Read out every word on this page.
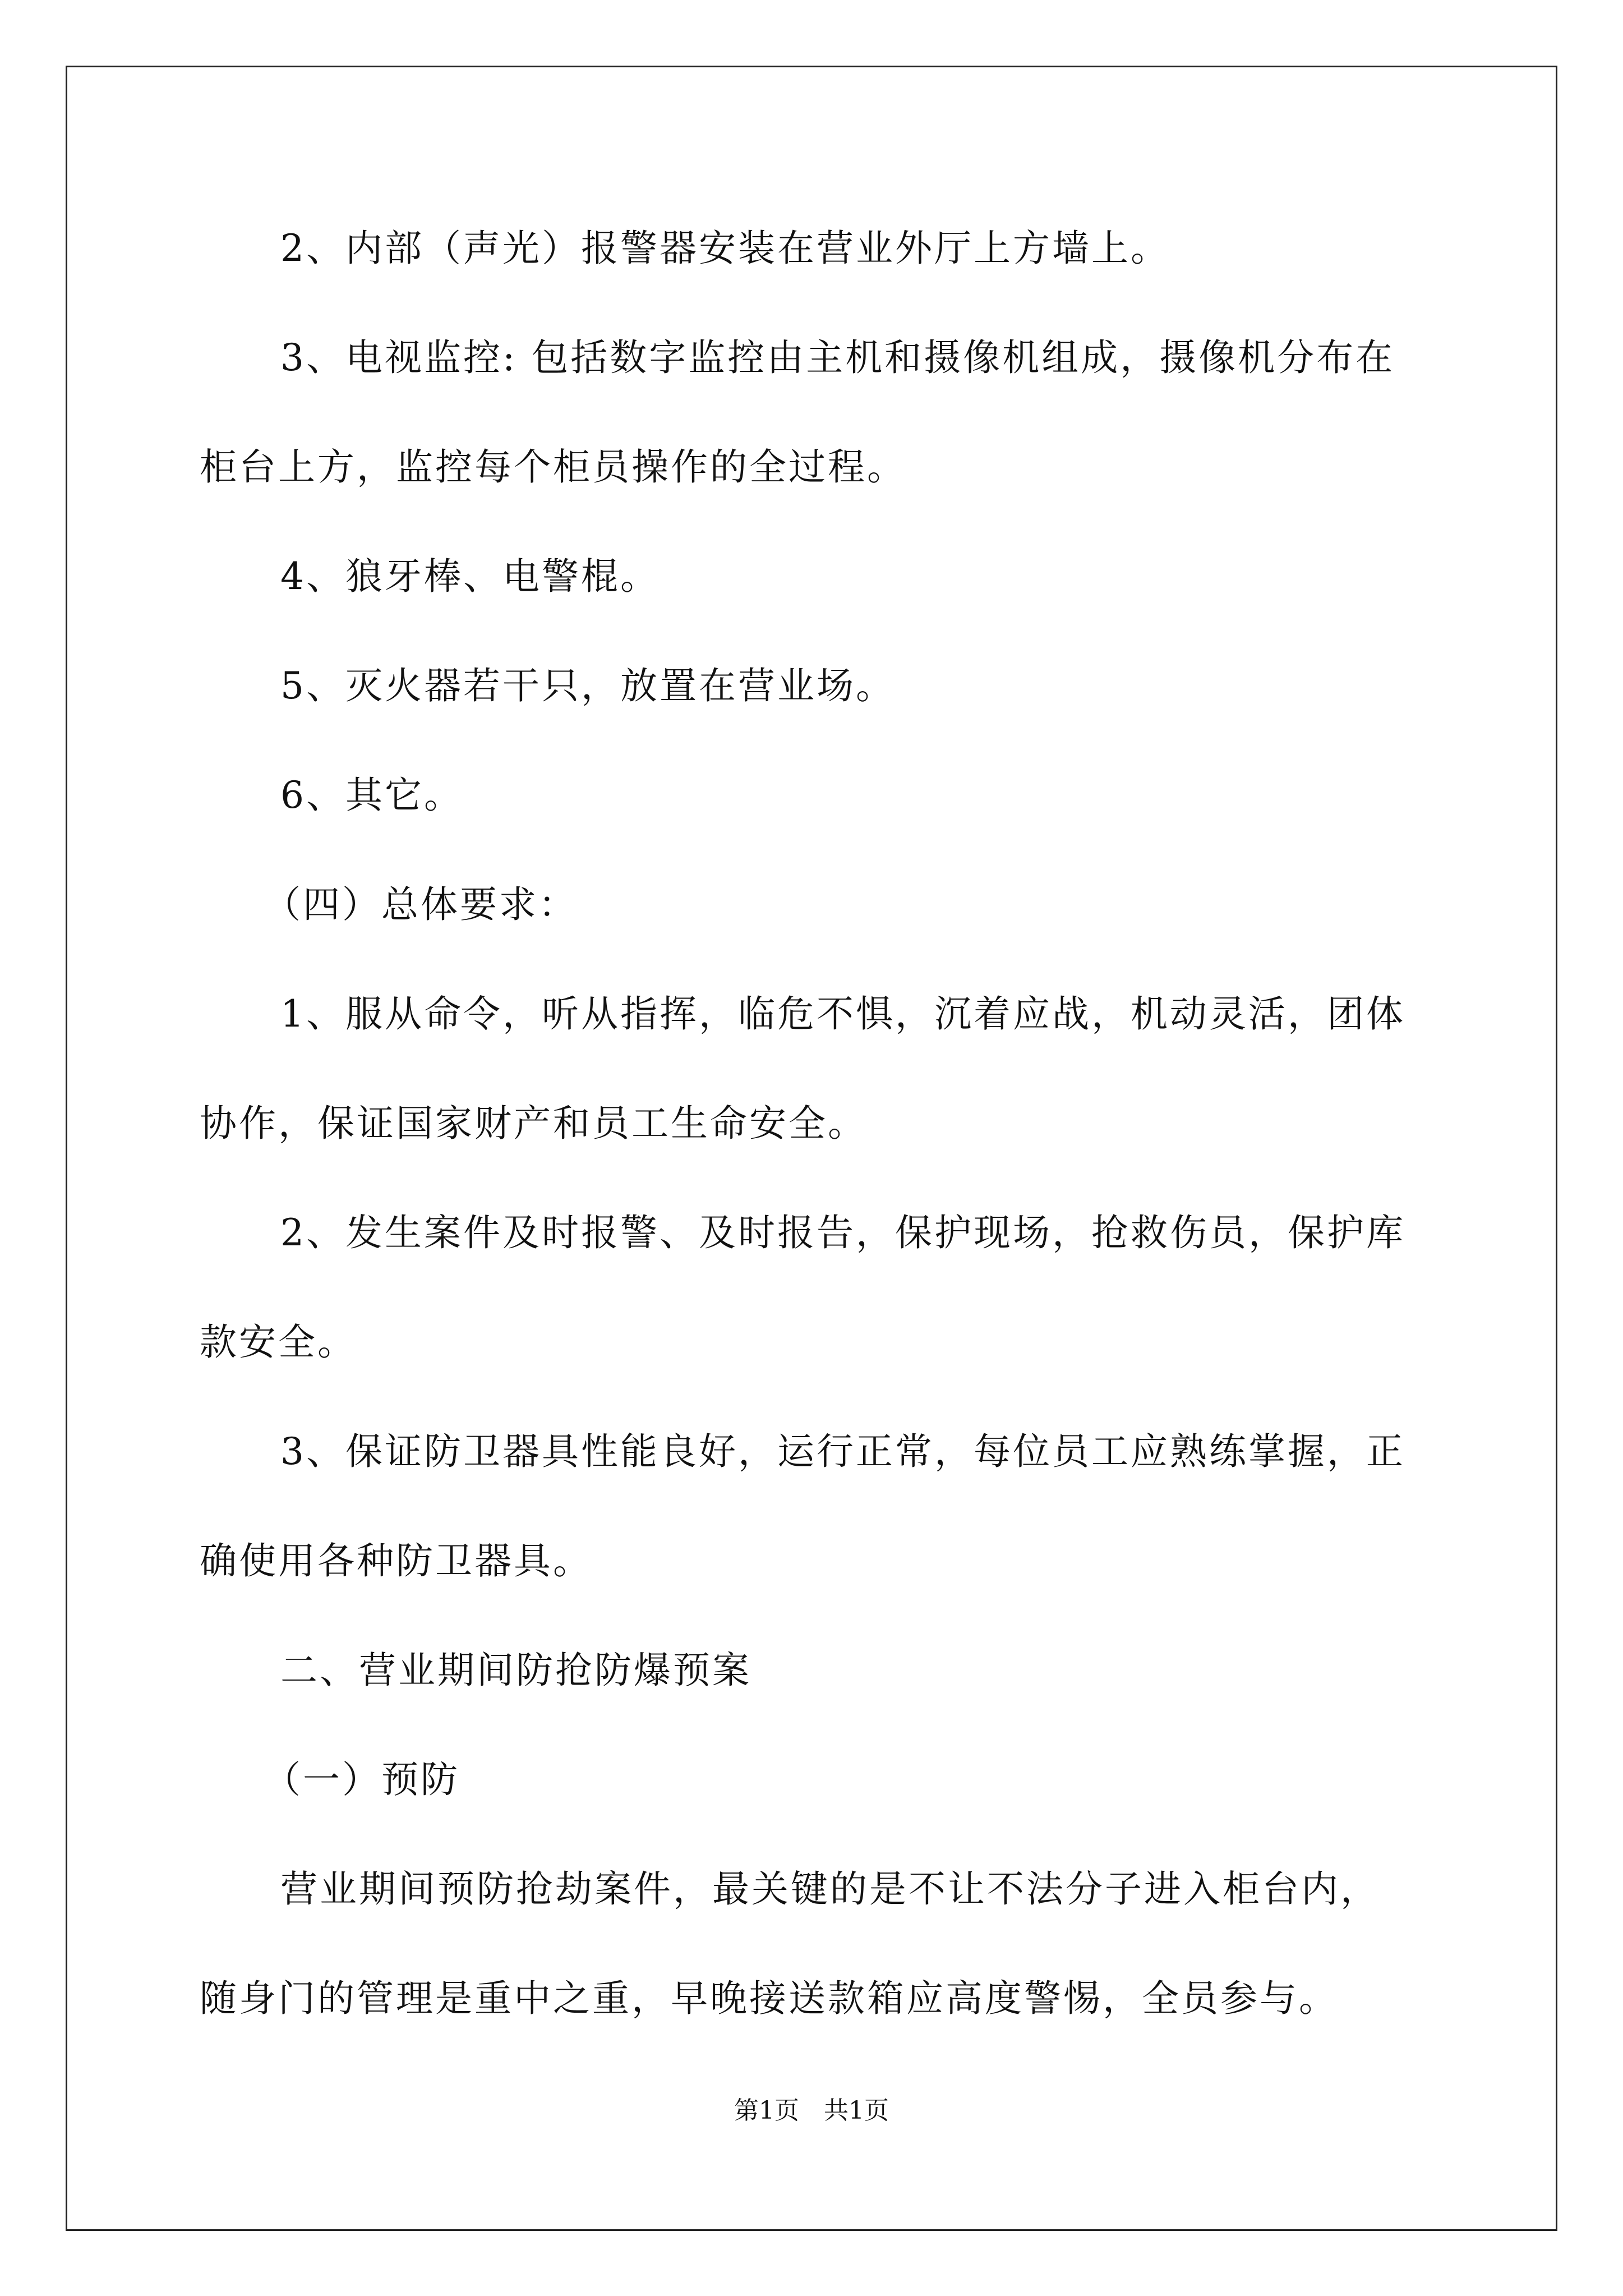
2、内部（声光）报警器安装在营业外厅上方墙上。
3、电视监控: 包括数字监控由主机和摄像机组成，摄像机分布在
柜台上方，监控每个柜员操作的全过程。
4、狼牙棒、电警棍。
5、灭火器若干只，放置在营业场。
6、其它。
（四）总体要求：
1、服从命令，听从指挥，临危不惧，沉着应战，机动灵活，团体
协作，保证国家财产和员工生命安全。
2、发生案件及时报警、及时报告，保护现场，抢救伤员，保护库
款安全。
3、保证防卫器具性能良好，运行正常，每位员工应熟练掌握，正
确使用各种防卫器具。
二、营业期间防抢防爆预案
（一）预防
营业期间预防抢劫案件，最关键的是不让不法分子进入柜台内，
随身门的管理是重中之重，早晚接送款箱应高度警惕，全员参与。
第1页　共1页
